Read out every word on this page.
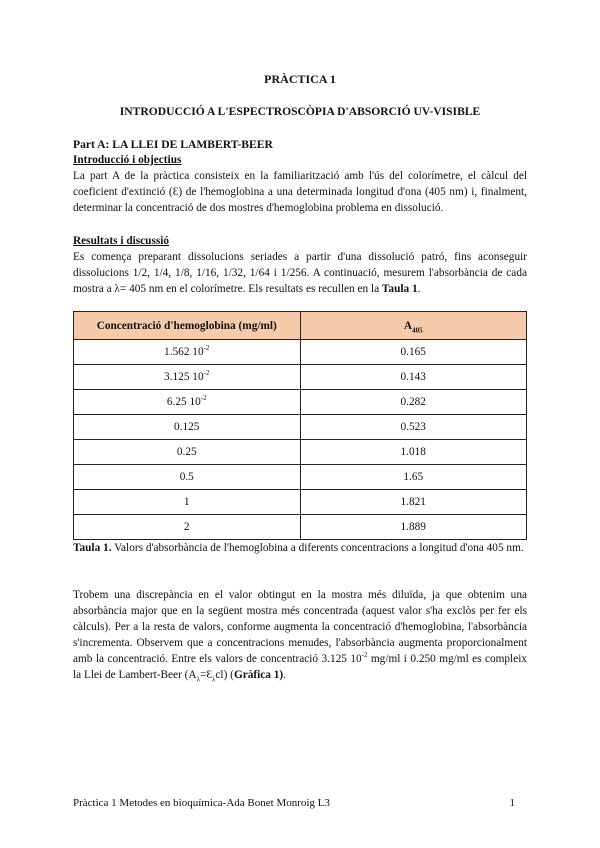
PRÀCTICA 1
INTRODUCCIÓ A L'ESPECTROSCÒPIA D'ABSORCIÓ UV-VISIBLE
Part A: LA LLEI DE LAMBERT-BEER
Introducció i objectius
La part A de la pràctica consisteix en la familiarització amb l'ús del colorímetre, el càlcul del coeficient d'extinció (Ɛ) de l'hemoglobina a una determinada longitud d'ona (405 nm) i, finalment, determinar la concentració de dos mostres d'hemoglobina problema en dissolució.
Resultats i discussió
Es comença preparant dissolucions seriades a partir d'una dissolució patró, fins aconseguir dissolucions 1/2, 1/4, 1/8, 1/16, 1/32, 1/64 i 1/256. A continuació, mesurem l'absorbància de cada mostra a λ= 405 nm en el colorímetre. Els resultats es recullen en la Taula 1.
Concentració d'hemoglobina (mg/ml)	$A_{405}$
1.562 $10^{-2}$	0.165
3.125 $10^{-2}$	0.143
6.25 $10^{-2}$	0.282
0.125	0.523
0.25	1.018
0.5	1.65
1	1.821
2	1.889
Taula 1. Valors d'absorbància de l'hemoglobina a diferents concentracions a longitud d'ona 405 nm.
Trobem una discrepància en el valor obtingut en la mostra més diluïda, ja que obtenim una absorbància major que en la següent mostra més concentrada (aquest valor s'ha exclòs per fer els càlculs). Per a la resta de valors, conforme augmenta la concentració d'hemoglobina, l'absorbància s'incrementa. Observem que a concentracions menudes, l'absorbància augmenta proporcionalment amb la concentració. Entre els valors de concentració 3.125 $10^{-2}$ mg/ml i 0.250 mg/ml es compleix la Llei de Lambert-Beer $(A_\lambda=Ɛ_\lambda cl)$ (Gràfica 1).
Pràctica 1 Metodes en bioquímica-Ada Bonet Monroig L3	1
